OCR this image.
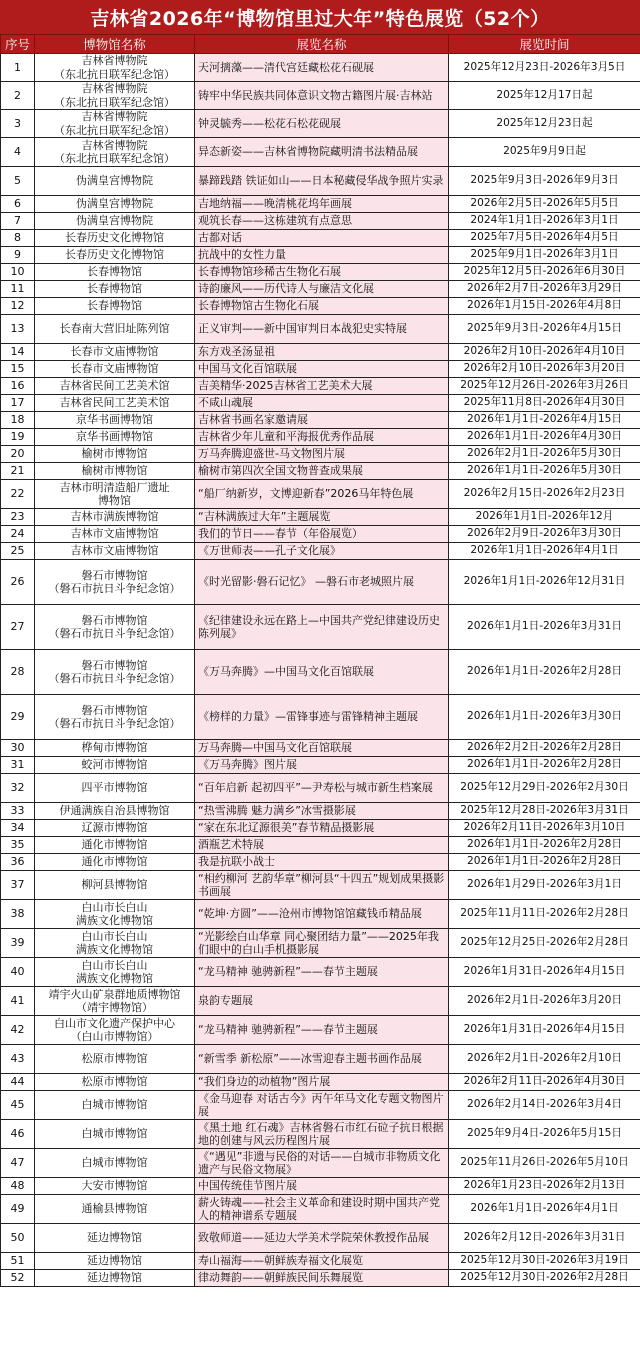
吉林省2026年“博物馆里过大年”特色展览（52个）
序号	博物馆名称	展览名称	展览时间
1	吉林省博物院
（东北抗日联军纪念馆）	天河摛藻——清代宫廷藏松花石砚展	2025年12月23日-2026年3月5日
2	吉林省博物院
（东北抗日联军纪念馆）	铸牢中华民族共同体意识文物古籍图片展·吉林站	2025年12月17日起
3	吉林省博物院
（东北抗日联军纪念馆）	钟灵毓秀——松花石松花砚展	2025年12月23日起
4	吉林省博物院
（东北抗日联军纪念馆）	异态新姿——吉林省博物院藏明清书法精品展	2025年9月9日起
5	伪满皇宫博物院	暴蹄践踏 铁证如山——日本秘藏侵华战争照片实录	2025年9月3日-2026年9月3日
6	伪满皇宫博物院	吉地纳福——晚清桃花坞年画展	2026年2月5日-2026年5月5日
7	伪满皇宫博物院	观筑长春——这栋建筑有点意思	2024年1月1日-2026年3月1日
8	长春历史文化博物馆	古都对话	2025年7月5日-2026年4月5日
9	长春历史文化博物馆	抗战中的女性力量	2025年9月1日-2026年3月1日
10	长春博物馆	长春博物馆珍稀古生物化石展	2025年12月5日-2026年6月30日
11	长春博物馆	诗韵廉风——历代诗人与廉洁文化展	2026年2月7日-2026年3月29日
12	长春博物馆	长春博物馆古生物化石展	2026年1月15日-2026年4月8日
13	长春南大营旧址陈列馆	正义审判——新中国审判日本战犯史实特展	2025年9月3日-2026年4月15日
14	长春市文庙博物馆	东方戏圣汤显祖	2026年2月10日-2026年4月10日
15	长春市文庙博物馆	中国马文化百馆联展	2026年2月10日-2026年3月20日
16	吉林省民间工艺美术馆	吉美精华·2025吉林省工艺美术大展	2025年12月26日-2026年3月26日
17	吉林省民间工艺美术馆	不咸山魂展	2025年11月8日-2026年4月30日
18	京华书画博物馆	吉林省书画名家邀请展	2026年1月1日-2026年4月15日
19	京华书画博物馆	吉林省少年儿童和平海报优秀作品展	2026年1月1日-2026年4月30日
20	榆树市博物馆	万马奔腾迎盛世-马文物图片展	2026年2月1日-2026年5月30日
21	榆树市博物馆	榆树市第四次全国文物普查成果展	2026年1月1日-2026年5月30日
22	吉林市明清造船厂遗址
博物馆	“船厂纳新岁，文博迎新春”2026马年特色展	2026年2月15日-2026年2月23日
23	吉林市满族博物馆	“吉林满族过大年”主题展览	2026年1月1日-2026年12月
24	吉林市文庙博物馆	我们的节日——春节（年俗展览）	2026年2月9日-2026年3月30日
25	吉林市文庙博物馆	《万世师表——孔子文化展》	2026年1月1日-2026年4月1日
26	磐石市博物馆
（磐石市抗日斗争纪念馆）	《时光留影·磐石记忆》 —磐石市老城照片展	2026年1月1日-2026年12月31日
27	磐石市博物馆
（磐石市抗日斗争纪念馆）	《纪律建设永远在路上—中国共产党纪律建设历史陈列展》	2026年1月1日-2026年3月31日
28	磐石市博物馆
（磐石市抗日斗争纪念馆）	《万马奔腾》—中国马文化百馆联展	2026年1月1日-2026年2月28日
29	磐石市博物馆
（磐石市抗日斗争纪念馆）	《榜样的力量》—雷锋事迹与雷锋精神主题展	2026年1月1日-2026年3月30日
30	桦甸市博物馆	万马奔腾—中国马文化百馆联展	2026年2月2日-2026年2月28日
31	蛟河市博物馆	《万马奔腾》图片展	2026年1月1日-2026年2月28日
32	四平市博物馆	“百年启新 起初四平”—尹寿松与城市新生档案展	2025年12月29日-2026年2月30日
33	伊通满族自治县博物馆	“热雪沸腾 魅力满乡”冰雪摄影展	2025年12月28日-2026年3月31日
34	辽源市博物馆	“家在东北辽源很美”春节精品摄影展	2026年2月11日-2026年3月10日
35	通化市博物馆	酒瓶艺术特展	2026年1月1日-2026年2月28日
36	通化市博物馆	我是抗联小战士	2026年1月1日-2026年2月28日
37	柳河县博物馆	“相约柳河 艺韵华章”柳河县“十四五”规划成果摄影书画展	2026年1月29日-2026年3月1日
38	白山市长白山
满族文化博物馆	“乾坤·方圆”——沧州市博物馆馆藏钱币精品展	2025年11月11日-2026年2月28日
39	白山市长白山
满族文化博物馆	“光影绘白山华章 同心聚团结力量”——2025年我们眼中的白山手机摄影展	2025年12月25日-2026年2月28日
40	白山市长白山
满族文化博物馆	“龙马精神 驰骋新程”——春节主题展	2026年1月31日-2026年4月15日
41	靖宇火山矿泉群地质博物馆
（靖宇博物馆）	泉韵专题展	2026年2月1日-2026年3月20日
42	白山市文化遗产保护中心
（白山市博物馆）	“龙马精神 驰骋新程”——春节主题展	2026年1月31日-2026年4月15日
43	松原市博物馆	“新雪季 新松原”——冰雪迎春主题书画作品展	2026年2月1日-2026年2月10日
44	松原市博物馆	“我们身边的动植物”图片展	2026年2月11日-2026年4月30日
45	白城市博物馆	《金马迎春 对话古今》丙午年马文化专题文物图片展	2026年2月14日-2026年3月4日
46	白城市博物馆	《黑土地 红石魂》吉林省磐石市红石砬子抗日根据地的创建与风云历程图片展	2025年9月4日-2026年5月15日
47	白城市博物馆	《“遇见”非遗与民俗的对话——白城市非物质文化遗产与民俗文物展》	2025年11月26日-2026年5月10日
48	大安市博物馆	中国传统佳节图片展	2026年1月23日-2026年2月13日
49	通榆县博物馆	薪火铸魂——社会主义革命和建设时期中国共产党人的精神谱系专题展	2026年1月1日-2026年4月1日
50	延边博物馆	致敬师道——延边大学美术学院荣休教授作品展	2026年2月12日-2026年3月31日
51	延边博物馆	寿山福海——朝鲜族寿福文化展览	2025年12月30日-2026年3月19日
52	延边博物馆	律动舞韵——朝鲜族民间乐舞展览	2025年12月30日-2026年2月28日
